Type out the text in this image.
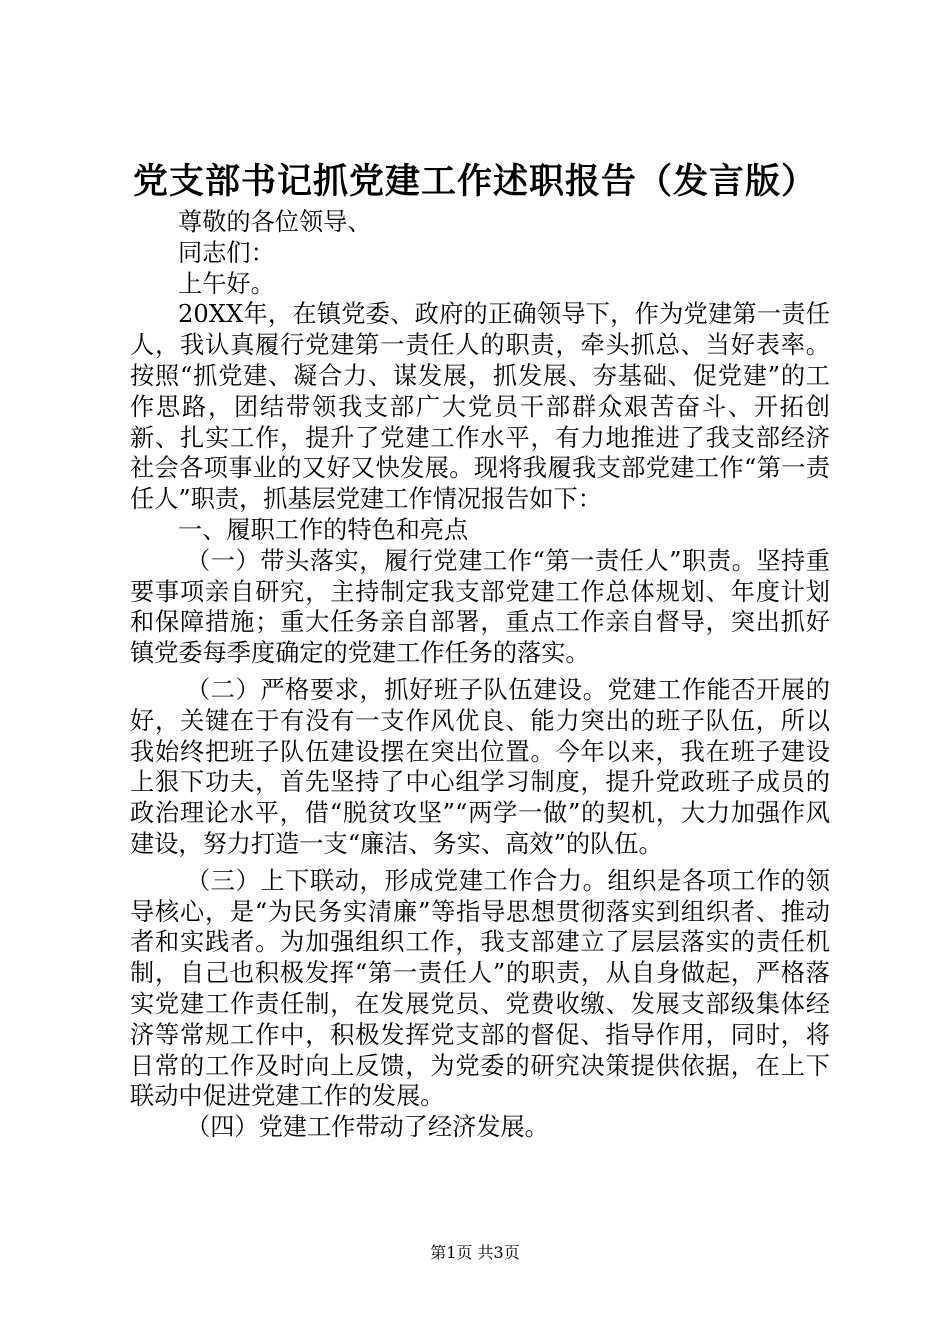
党支部书记抓党建工作述职报告（发言版）

尊敬的各位领导、

同志们：

上午好。

20XX年，在镇党委、政府的正确领导下，作为党建第一责任人，我认真履行党建第一责任人的职责，牵头抓总、当好表率。按照“抓党建、凝合力、谋发展，抓发展、夯基础、促党建”的工作思路，团结带领我支部广大党员干部群众艰苦奋斗、开拓创新、扎实工作，提升了党建工作水平，有力地推进了我支部经济社会各项事业的又好又快发展。现将我履我支部党建工作“第一责任人”职责，抓基层党建工作情况报告如下：

一、履职工作的特色和亮点

（一）带头落实，履行党建工作“第一责任人”职责。坚持重要事项亲自研究，主持制定我支部党建工作总体规划、年度计划和保障措施；重大任务亲自部署，重点工作亲自督导，突出抓好镇党委每季度确定的党建工作任务的落实。

（二）严格要求，抓好班子队伍建设。党建工作能否开展的好，关键在于有没有一支作风优良、能力突出的班子队伍，所以我始终把班子队伍建设摆在突出位置。今年以来，我在班子建设上狠下功夫，首先坚持了中心组学习制度，提升党政班子成员的政治理论水平，借“脱贫攻坚”“两学一做”的契机，大力加强作风建设，努力打造一支“廉洁、务实、高效”的队伍。

（三）上下联动，形成党建工作合力。组织是各项工作的领导核心，是“为民务实清廉”等指导思想贯彻落实到组织者、推动者和实践者。为加强组织工作，我支部建立了层层落实的责任机制，自己也积极发挥“第一责任人”的职责，从自身做起，严格落实党建工作责任制，在发展党员、党费收缴、发展支部级集体经济等常规工作中，积极发挥党支部的督促、指导作用，同时，将日常的工作及时向上反馈，为党委的研究决策提供依据，在上下联动中促进党建工作的发展。

（四）党建工作带动了经济发展。

第1页 共3页
